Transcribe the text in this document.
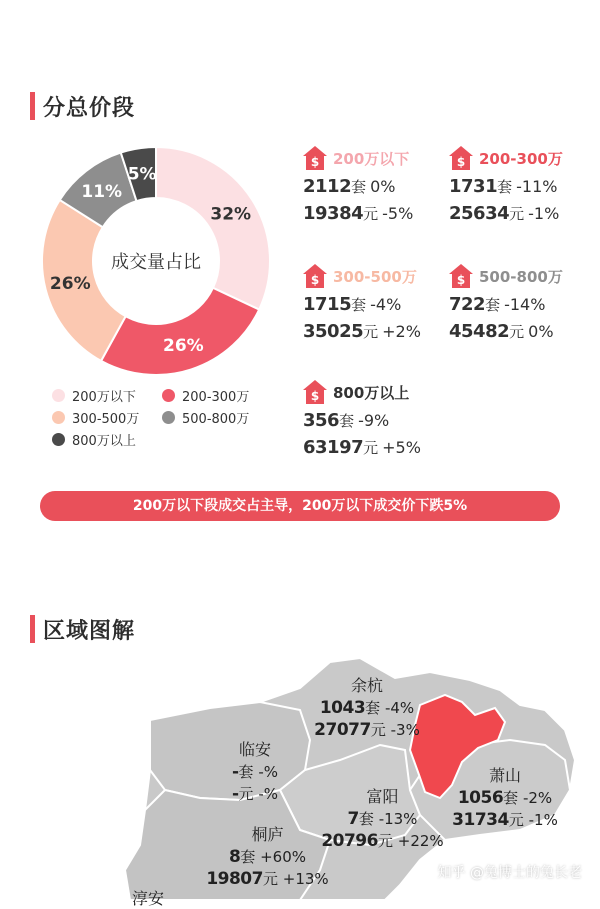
分总价段
32%
26%
26%
11%
5%
成交量占比
200万以下	200-300万
300-500万	500-800万
800万以上
$ 200万以下
2112套 0%
19384元 -5%
$ 200-300万
1731套 -11%
25634元 -1%
$ 300-500万
1715套 -4%
35025元 +2%
$ 500-800万
722套 -14%
45482元 0%
$ 800万以上
356套 -9%
63197元 +5%
200万以下段成交占主导，200万以下成交价下跌5%
区域图解
余杭
1043套 -4%
27077元 -3%
临安
-套 -%
-元 -%	富阳
7套 -13%
20796元 +22%
萧山
1056套 -2%
31734元 -1%
桐庐
8套 +60%
19807元 +13%
淳安
知乎 @兔博士的兔长老
